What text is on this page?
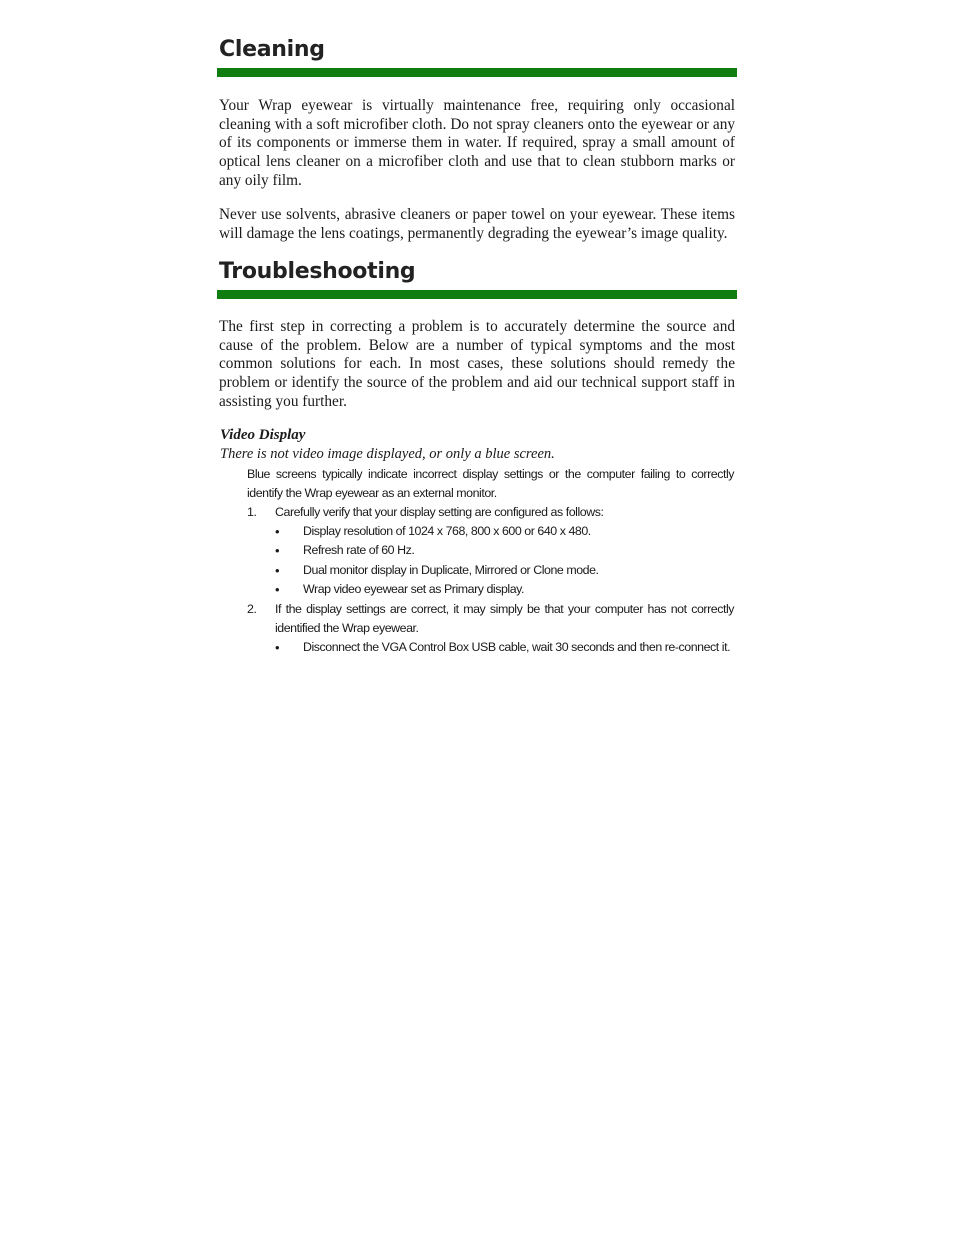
Cleaning

Your Wrap eyewear is virtually maintenance free, requiring only occasional cleaning with a soft microfiber cloth. Do not spray cleaners onto the eyewear or any of its components or immerse them in water. If required, spray a small amount of optical lens cleaner on a microfiber cloth and use that to clean stubborn marks or any oily film.

Never use solvents, abrasive cleaners or paper towel on your eyewear. These items will damage the lens coatings, permanently degrading the eyewear’s image quality.

Troubleshooting

The first step in correcting a problem is to accurately determine the source and cause of the problem. Below are a number of typical symptoms and the most common solutions for each. In most cases, these solutions should remedy the problem or identify the source of the problem and aid our technical support staff in assisting you further.

Video Display

There is not video image displayed, or only a blue screen.

Blue screens typically indicate incorrect display settings or the computer failing to correctly identify the Wrap eyewear as an external monitor.

1. Carefully verify that your display setting are configured as follows:

• Display resolution of 1024 x 768, 800 x 600 or 640 x 480.

• Refresh rate of 60 Hz.

• Dual monitor display in Duplicate, Mirrored or Clone mode.

• Wrap video eyewear set as Primary display.

2. If the display settings are correct, it may simply be that your computer has not correctly identified the Wrap eyewear.

• Disconnect the VGA Control Box USB cable, wait 30 seconds and then re-connect it.
